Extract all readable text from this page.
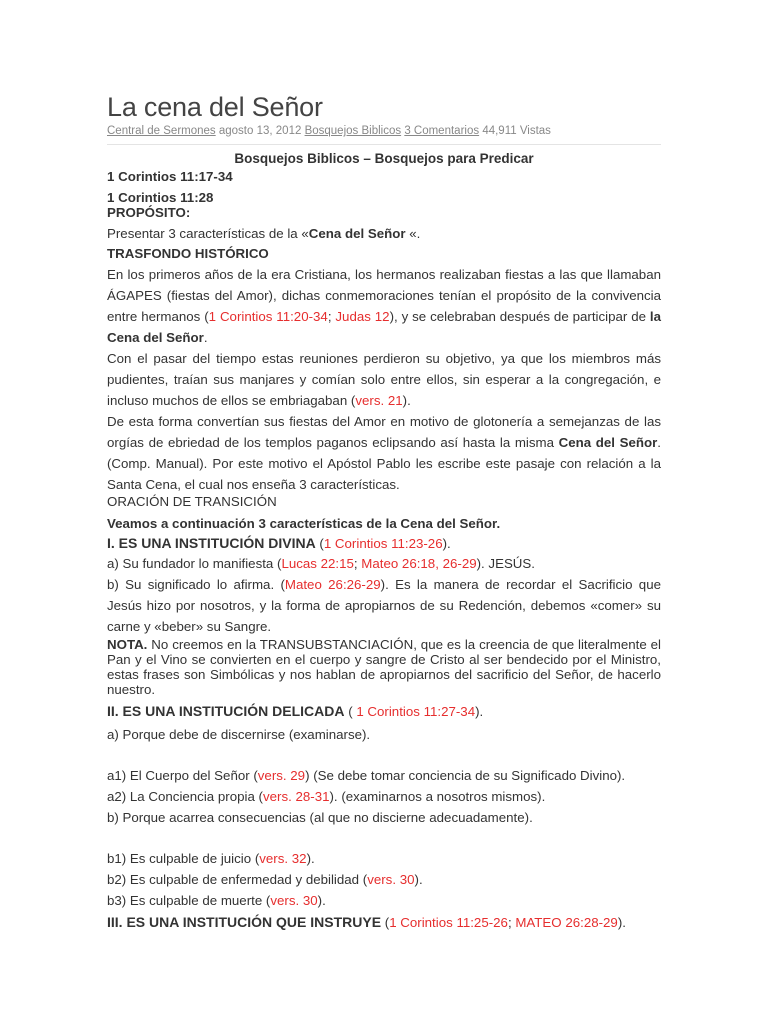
La cena del Señor
Central de Sermones agosto 13, 2012 Bosquejos Biblicos 3 Comentarios 44,911 Vistas

Bosquejos Biblicos – Bosquejos para Predicar

1 Corintios 11:17-34

1 Corintios 11:28

PROPÓSITO:

Presentar 3 características de la «Cena del Señor «.

TRASFONDO HISTÓRICO

En los primeros años de la era Cristiana, los hermanos realizaban fiestas a las que llamaban ÁGAPES (fiestas del Amor), dichas conmemoraciones tenían el propósito de la convivencia entre hermanos (1 Corintios 11:20-34; Judas 12), y se celebraban después de participar de la Cena del Señor.

Con el pasar del tiempo estas reuniones perdieron su objetivo, ya que los miembros más pudientes, traían sus manjares y comían solo entre ellos, sin esperar a la congregación, e incluso muchos de ellos se embriagaban (vers. 21).

De esta forma convertían sus fiestas del Amor en motivo de glotonería a semejanzas de las orgías de ebriedad de los templos paganos eclipsando así hasta la misma Cena del Señor. (Comp. Manual). Por este motivo el Apóstol Pablo les escribe este pasaje con relación a la Santa Cena, el cual nos enseña 3 características.

ORACIÓN DE TRANSICIÓN

Veamos a continuación 3 características de la Cena del Señor.

I. ES UNA INSTITUCIÓN DIVINA (1 Corintios 11:23-26).

a) Su fundador lo manifiesta (Lucas 22:15; Mateo 26:18, 26-29). JESÚS.

b) Su significado lo afirma. (Mateo 26:26-29). Es la manera de recordar el Sacrificio que Jesús hizo por nosotros, y la forma de apropiarnos de su Redención, debemos «comer» su carne y «beber» su Sangre.

NOTA. No creemos en la TRANSUBSTANCIACIÓN, que es la creencia de que literalmente el Pan y el Vino se convierten en el cuerpo y sangre de Cristo al ser bendecido por el Ministro, estas frases son Simbólicas y nos hablan de apropiarnos del sacrificio del Señor, de hacerlo nuestro.

II. ES UNA INSTITUCIÓN DELICADA ( 1 Corintios 11:27-34).

a) Porque debe de discernirse (examinarse).

a1) El Cuerpo del Señor (vers. 29) (Se debe tomar conciencia de su Significado Divino).

a2) La Conciencia propia (vers. 28-31). (examinarnos a nosotros mismos).

b) Porque acarrea consecuencias (al que no discierne adecuadamente).

b1) Es culpable de juicio (vers. 32).

b2) Es culpable de enfermedad y debilidad (vers. 30).

b3) Es culpable de muerte (vers. 30).

III. ES UNA INSTITUCIÓN QUE INSTRUYE (1 Corintios 11:25-26; MATEO 26:28-29).
